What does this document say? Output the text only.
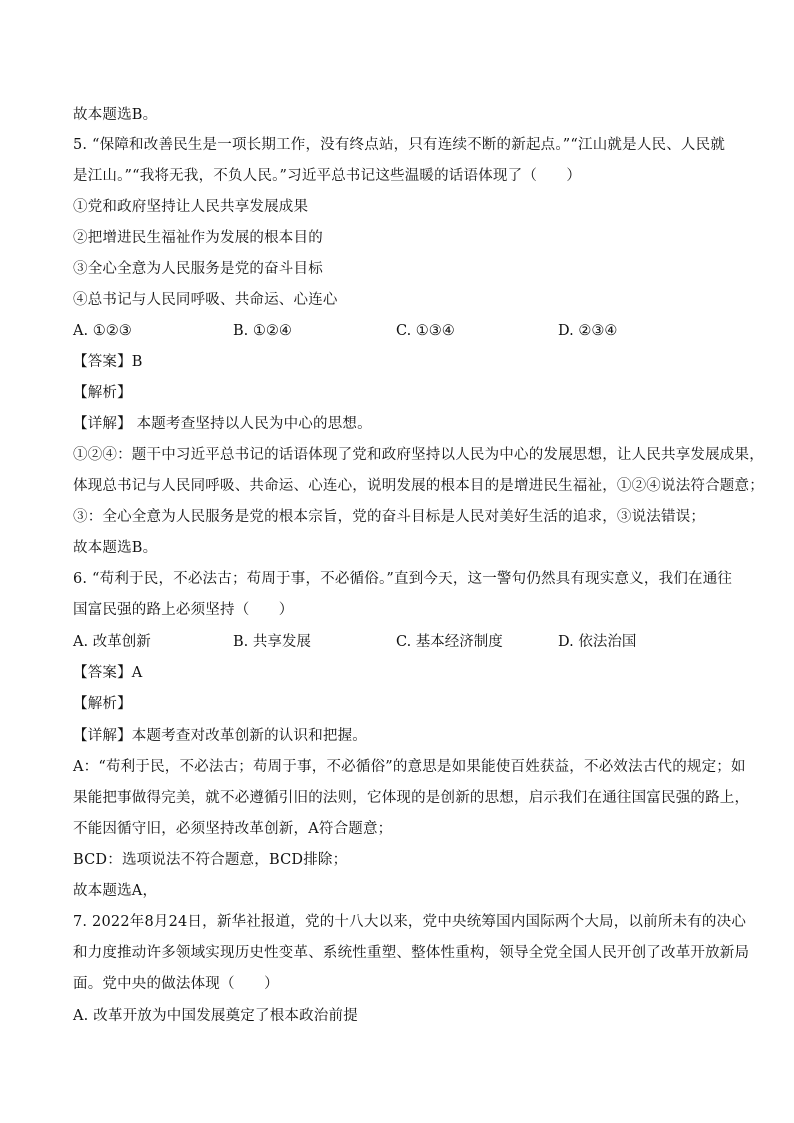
故本题选B。
5. “保障和改善民生是一项长期工作，没有终点站，只有连续不断的新起点。”“江山就是人民、人民就
是江山。”“我将无我，不负人民。”习近平总书记这些温暖的话语体现了（　　）
①党和政府坚持让人民共享发展成果
②把增进民生福祉作为发展的根本目的
③全心全意为人民服务是党的奋斗目标
④总书记与人民同呼吸、共命运、心连心
A. ①②③	B. ①②④	C. ①③④	D. ②③④
【答案】B
【解析】
【详解】 本题考查坚持以人民为中心的思想。
①②④：题干中习近平总书记的话语体现了党和政府坚持以人民为中心的发展思想，让人民共享发展成果，
体现总书记与人民同呼吸、共命运、心连心，说明发展的根本目的是增进民生福祉，①②④说法符合题意；
③：全心全意为人民服务是党的根本宗旨，党的奋斗目标是人民对美好生活的追求，③说法错误；
故本题选B。
6. “苟利于民，不必法古；苟周于事，不必循俗。”直到今天，这一警句仍然具有现实意义，我们在通往
国富民强的路上必须坚持（　　）
A. 改革创新	B. 共享发展	C. 基本经济制度	D. 依法治国
【答案】A
【解析】
【详解】本题考查对改革创新的认识和把握。
A：“苟利于民，不必法古；苟周于事，不必循俗”的意思是如果能使百姓获益，不必效法古代的规定；如
果能把事做得完美，就不必遵循引旧的法则，它体现的是创新的思想，启示我们在通往国富民强的路上，
不能因循守旧，必须坚持改革创新，A符合题意；
BCD：选项说法不符合题意，BCD排除；
故本题选A，
7. 2022年8月24日，新华社报道，党的十八大以来，党中央统筹国内国际两个大局，以前所未有的决心
和力度推动许多领域实现历史性变革、系统性重塑、整体性重构，领导全党全国人民开创了改革开放新局
面。党中央的做法体现（　　）
A. 改革开放为中国发展奠定了根本政治前提
